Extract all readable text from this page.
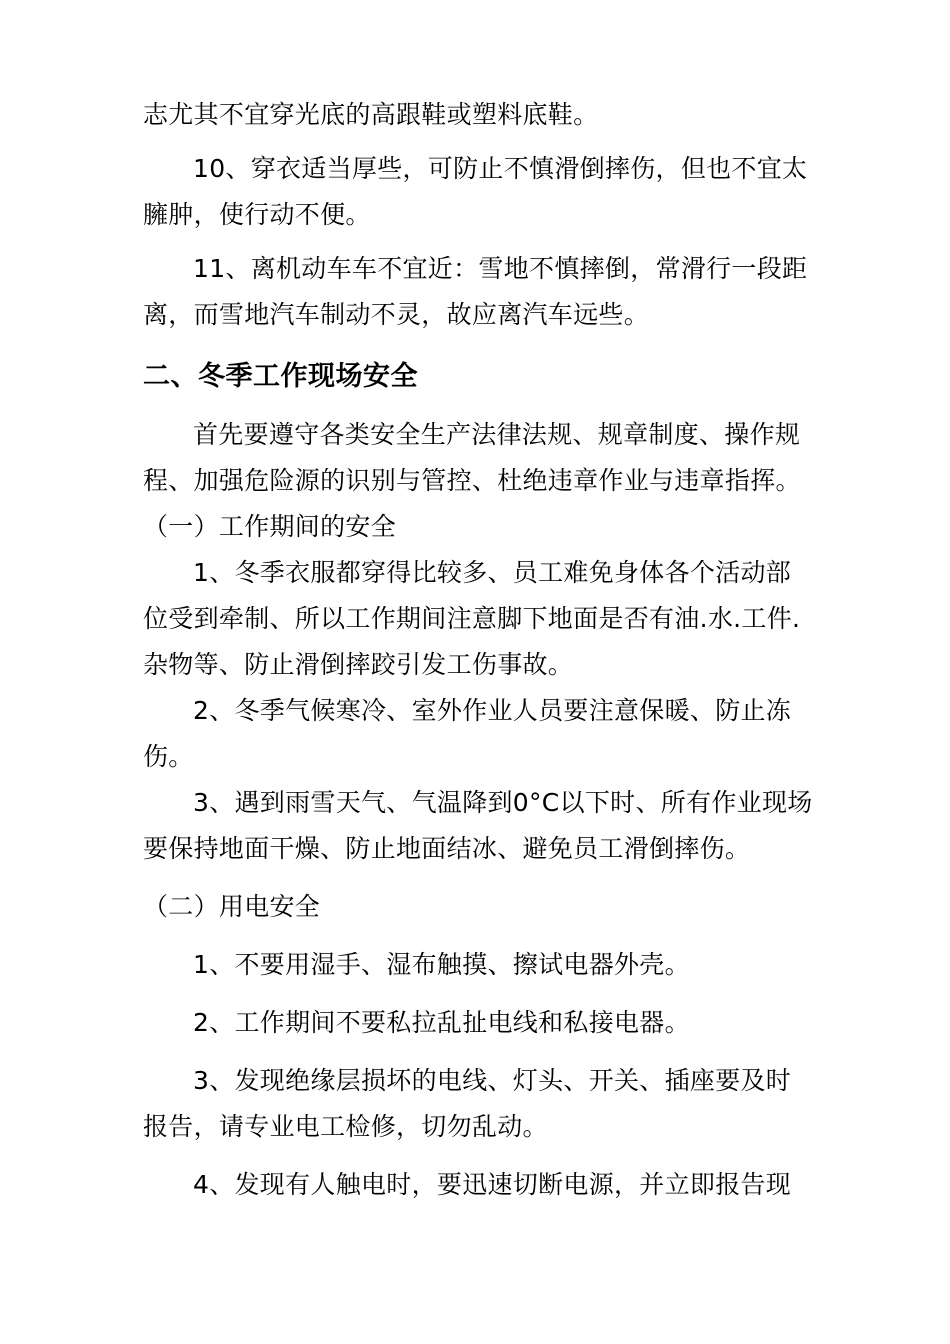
志尤其不宜穿光底的高跟鞋或塑料底鞋。

10、穿衣适当厚些，可防止不慎滑倒摔伤，但也不宜太

臃肿，使行动不便。

11、离机动车车不宜近：雪地不慎摔倒，常滑行一段距

离，而雪地汽车制动不灵，故应离汽车远些。

二、冬季工作现场安全

首先要遵守各类安全生产法律法规、规章制度、操作规

程、加强危险源的识别与管控、杜绝违章作业与违章指挥。

（一）工作期间的安全

1、冬季衣服都穿得比较多、员工难免身体各个活动部

位受到牵制、所以工作期间注意脚下地面是否有油.水.工件.

杂物等、防止滑倒摔跤引发工伤事故。

2、冬季气候寒冷、室外作业人员要注意保暖、防止冻

伤。

3、遇到雨雪天气、气温降到0°C以下时、所有作业现场

要保持地面干燥、防止地面结冰、避免员工滑倒摔伤。

（二）用电安全

1、不要用湿手、湿布触摸、擦试电器外壳。

2、工作期间不要私拉乱扯电线和私接电器。

3、发现绝缘层损坏的电线、灯头、开关、插座要及时

报告，请专业电工检修，切勿乱动。

4、发现有人触电时，要迅速切断电源，并立即报告现
